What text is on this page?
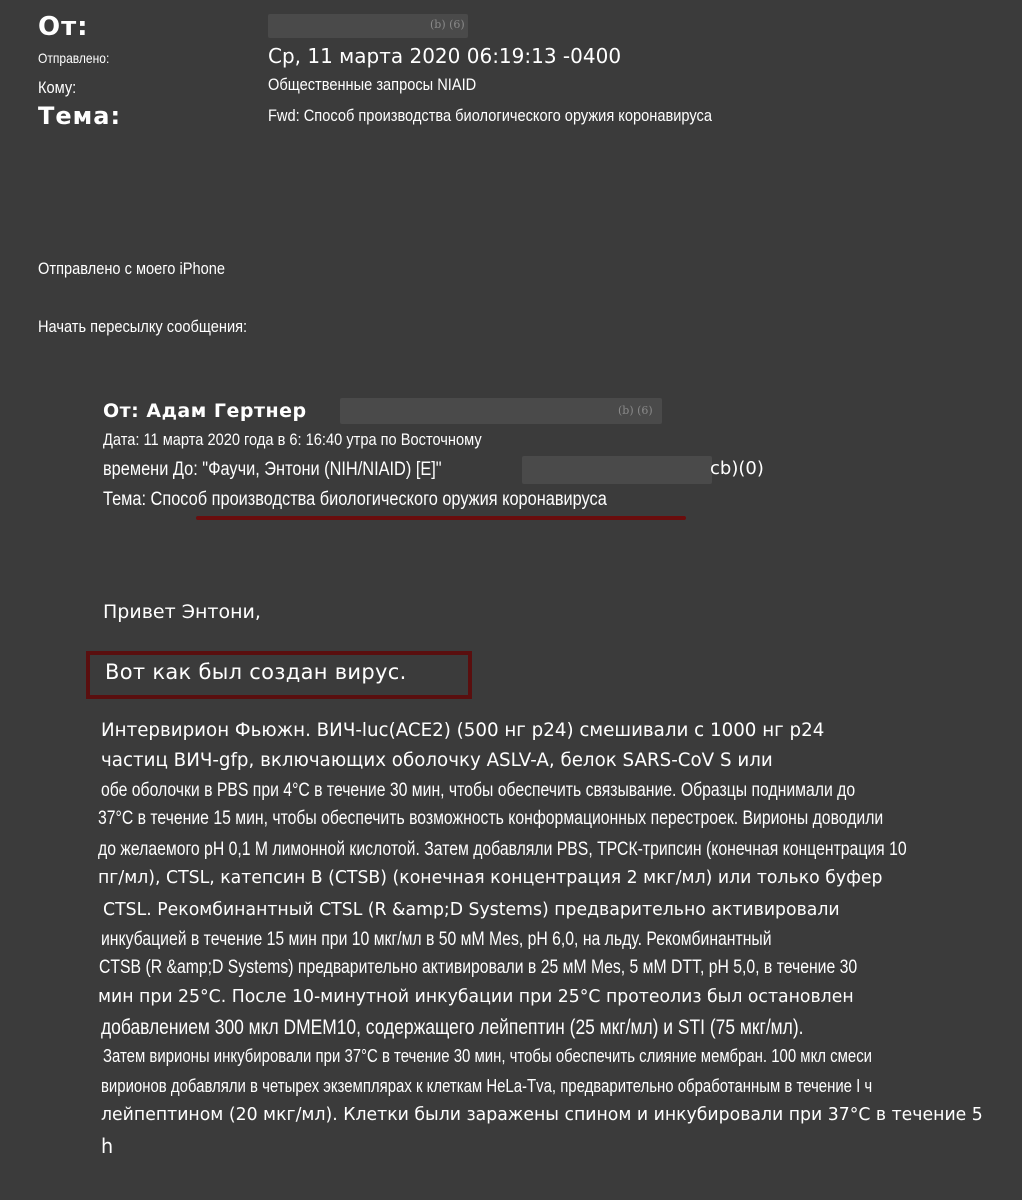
От:	(b) (6)
Отправлено:	Ср, 11 марта 2020 06:19:13 -0400
Кому:	Общественные запросы NIAID
Тема:	Fwd: Способ производства биологического оружия коронавируса
Отправлено с моего iPhone
Начать пересылку сообщения:
От: Адам Гертнер	(b) (6)
Дата: 11 марта 2020 года в 6: 16:40 утра по Восточному
времени До: "Фаучи, Энтони (NIH/NIAID) [E]"	cb)(0)
Тема: Способ производства биологического оружия коронавируса
Привет Энтони,
Вот как был создан вирус.
Интервирион Фьюжн. ВИЧ-luc(ACE2) (500 нг p24) смешивали с 1000 нг p24
частиц ВИЧ-gfp, включающих оболочку ASLV-A, белок SARS-CoV S или
обе оболочки в PBS при 4°С в течение 30 мин, чтобы обеспечить связывание. Образцы поднимали до
37°С в течение 15 мин, чтобы обеспечить возможность конформационных перестроек. Вирионы доводили
до желаемого рН 0,1 М лимонной кислотой. Затем добавляли PBS, ТРСК-трипсин (конечная концентрация 10
пг/мл), CTSL, катепсин В (CTSB) (конечная концентрация 2 мкг/мл) или только буфер
CTSL. Рекомбинантный CTSL (R &amp;D Systems) предварительно активировали
инкубацией в течение 15 мин при 10 мкг/мл в 50 мМ Mes, рН 6,0, на льду. Рекомбинантный
CTSB (R &amp;D Systems) предварительно активировали в 25 мМ Mes, 5 мМ DTT, рН 5,0, в течение 30
мин при 25°С. После 10-минутной инкубации при 25°С протеолиз был остановлен
добавлением 300 мкл DMEM10, содержащего лейпептин (25 мкг/мл) и STI (75 мкг/мл).
Затем вирионы инкубировали при 37°С в течение 30 мин, чтобы обеспечить слияние мембран. 100 мкл смеси
вирионов добавляли в четырех экземплярах к клеткам HeLa-Tva, предварительно обработанным в течение I ч
лейпептином (20 мкг/мл). Клетки были заражены спином и инкубировали при 37°С в течение 5
h
